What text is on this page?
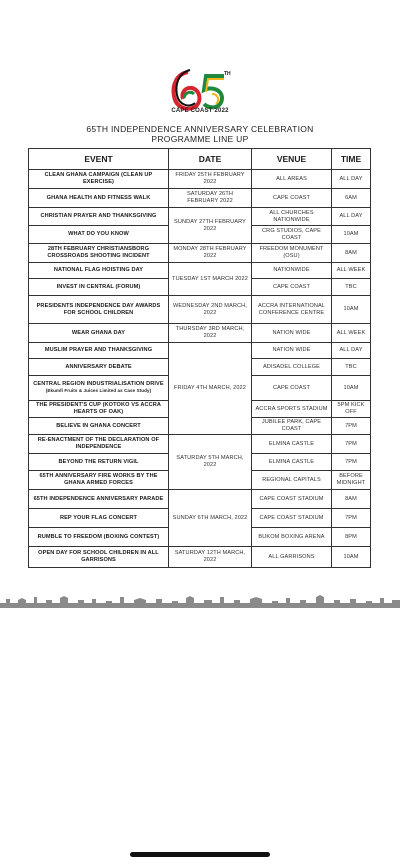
TH
CAPE COAST 2022
65TH INDEPENDENCE ANNIVERSARY CELEBRATION
PROGRAMME LINE UP
EVENT	DATE	VENUE	TIME
CLEAN GHANA CAMPAIGN (CLEAN UP EXERCISE)	FRIDAY 25TH FEBRUARY 2022	ALL AREAS	ALL DAY
GHANA HEALTH AND FITNESS WALK	SATURDAY 26TH FEBRUARY 2022	CAPE COAST	6AM
CHRISTIAN PRAYER AND THANKSGIVING	SUNDAY 27TH FEBRUARY 2022	ALL CHURCHES NATIONWIDE	ALL DAY
WHAT DO YOU KNOW		CRG STUDIOS, CAPE COAST	10AM
28TH FEBRUARY CHRISTIANSBORG CROSSROADS SHOOTING INCIDENT	MONDAY 28TH FEBRUARY 2022	FREEDOM MONUMENT (OSU)	8AM
NATIONAL FLAG HOISTING DAY	TUESDAY 1ST MARCH 2022	NATIONWIDE	ALL WEEK
INVEST IN CENTRAL (FORUM)		CAPE COAST	TBC
PRESIDENTS INDEPENDENCE DAY AWARDS FOR SCHOOL CHILDREN	WEDNESDAY 2ND MARCH, 2022	ACCRA INTERNATIONAL CONFERENCE CENTRE	10AM
WEAR GHANA DAY	THURSDAY 3RD MARCH, 2022	NATION WIDE	ALL WEEK
MUSLIM PRAYER AND THANKSGIVING	FRIDAY 4TH MARCH, 2022	NATION WIDE	ALL DAY
ANNIVERSARY DEBATE		ADISADEL COLLEGE	TBC
CENTRAL REGION INDUSTRIALISATION DRIVE
(Ekumfi Fruits & Juices Limited as Case Study)		CAPE COAST	10AM
THE PRESIDENT'S CUP (KOTOKO VS ACCRA HEARTS OF OAK)		ACCRA SPORTS STADIUM	5PM KICK OFF
BELIEVE IN GHANA CONCERT		JUBILEE PARK, CAPE COAST	7PM
RE-ENACTMENT OF THE DECLARATION OF INDEPENDENCE	SATURDAY 5TH MARCH, 2022	ELMINA CASTLE	7PM
BEYOND THE RETURN VIGIL		ELMINA CASTLE	7PM
65TH ANNIVERSARY FIRE WORKS BY THE GHANA ARMED FORCES		REGIONAL CAPITALS	BEFORE MIDNIGHT
65TH INDEPENDENCE ANNIVERSARY PARADE	SUNDAY 6TH MARCH, 2022	CAPE COAST STADIUM	8AM
REP YOUR FLAG CONCERT		CAPE COAST STADIUM	7PM
RUMBLE TO FREEDOM (BOXING CONTEST)		BUKOM BOXING ARENA	8PM
OPEN DAY FOR SCHOOL CHILDREN IN ALL GARRISONS	SATURDAY 12TH MARCH, 2022	ALL GARRISONS	10AM
